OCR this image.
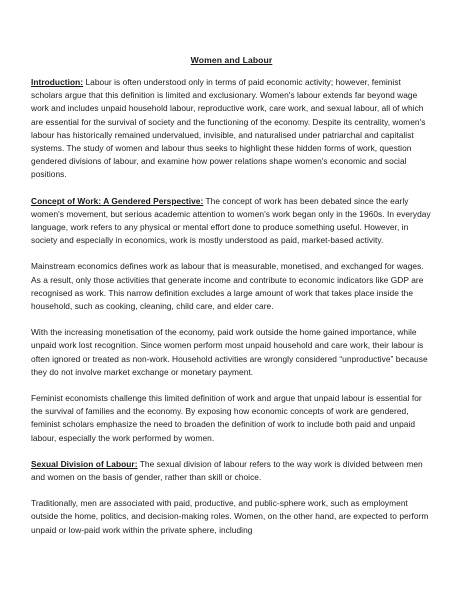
Women and Labour

Introduction: Labour is often understood only in terms of paid economic activity; however, feminist scholars argue that this definition is limited and exclusionary. Women's labour extends far beyond wage work and includes unpaid household labour, reproductive work, care work, and sexual labour, all of which are essential for the survival of society and the functioning of the economy. Despite its centrality, women's labour has historically remained undervalued, invisible, and naturalised under patriarchal and capitalist systems. The study of women and labour thus seeks to highlight these hidden forms of work, question gendered divisions of labour, and examine how power relations shape women's economic and social positions.

Concept of Work: A Gendered Perspective: The concept of work has been debated since the early women's movement, but serious academic attention to women's work began only in the 1960s. In everyday language, work refers to any physical or mental effort done to produce something useful. However, in society and especially in economics, work is mostly understood as paid, market-based activity.

Mainstream economics defines work as labour that is measurable, monetised, and exchanged for wages. As a result, only those activities that generate income and contribute to economic indicators like GDP are recognised as work. This narrow definition excludes a large amount of work that takes place inside the household, such as cooking, cleaning, child care, and elder care.

With the increasing monetisation of the economy, paid work outside the home gained importance, while unpaid work lost recognition. Since women perform most unpaid household and care work, their labour is often ignored or treated as non-work. Household activities are wrongly considered “unproductive” because they do not involve market exchange or monetary payment.

Feminist economists challenge this limited definition of work and argue that unpaid labour is essential for the survival of families and the economy. By exposing how economic concepts of work are gendered, feminist scholars emphasize the need to broaden the definition of work to include both paid and unpaid labour, especially the work performed by women.

Sexual Division of Labour: The sexual division of labour refers to the way work is divided between men and women on the basis of gender, rather than skill or choice.

Traditionally, men are associated with paid, productive, and public-sphere work, such as employment outside the home, politics, and decision-making roles. Women, on the other hand, are expected to perform unpaid or low-paid work within the private sphere, including
